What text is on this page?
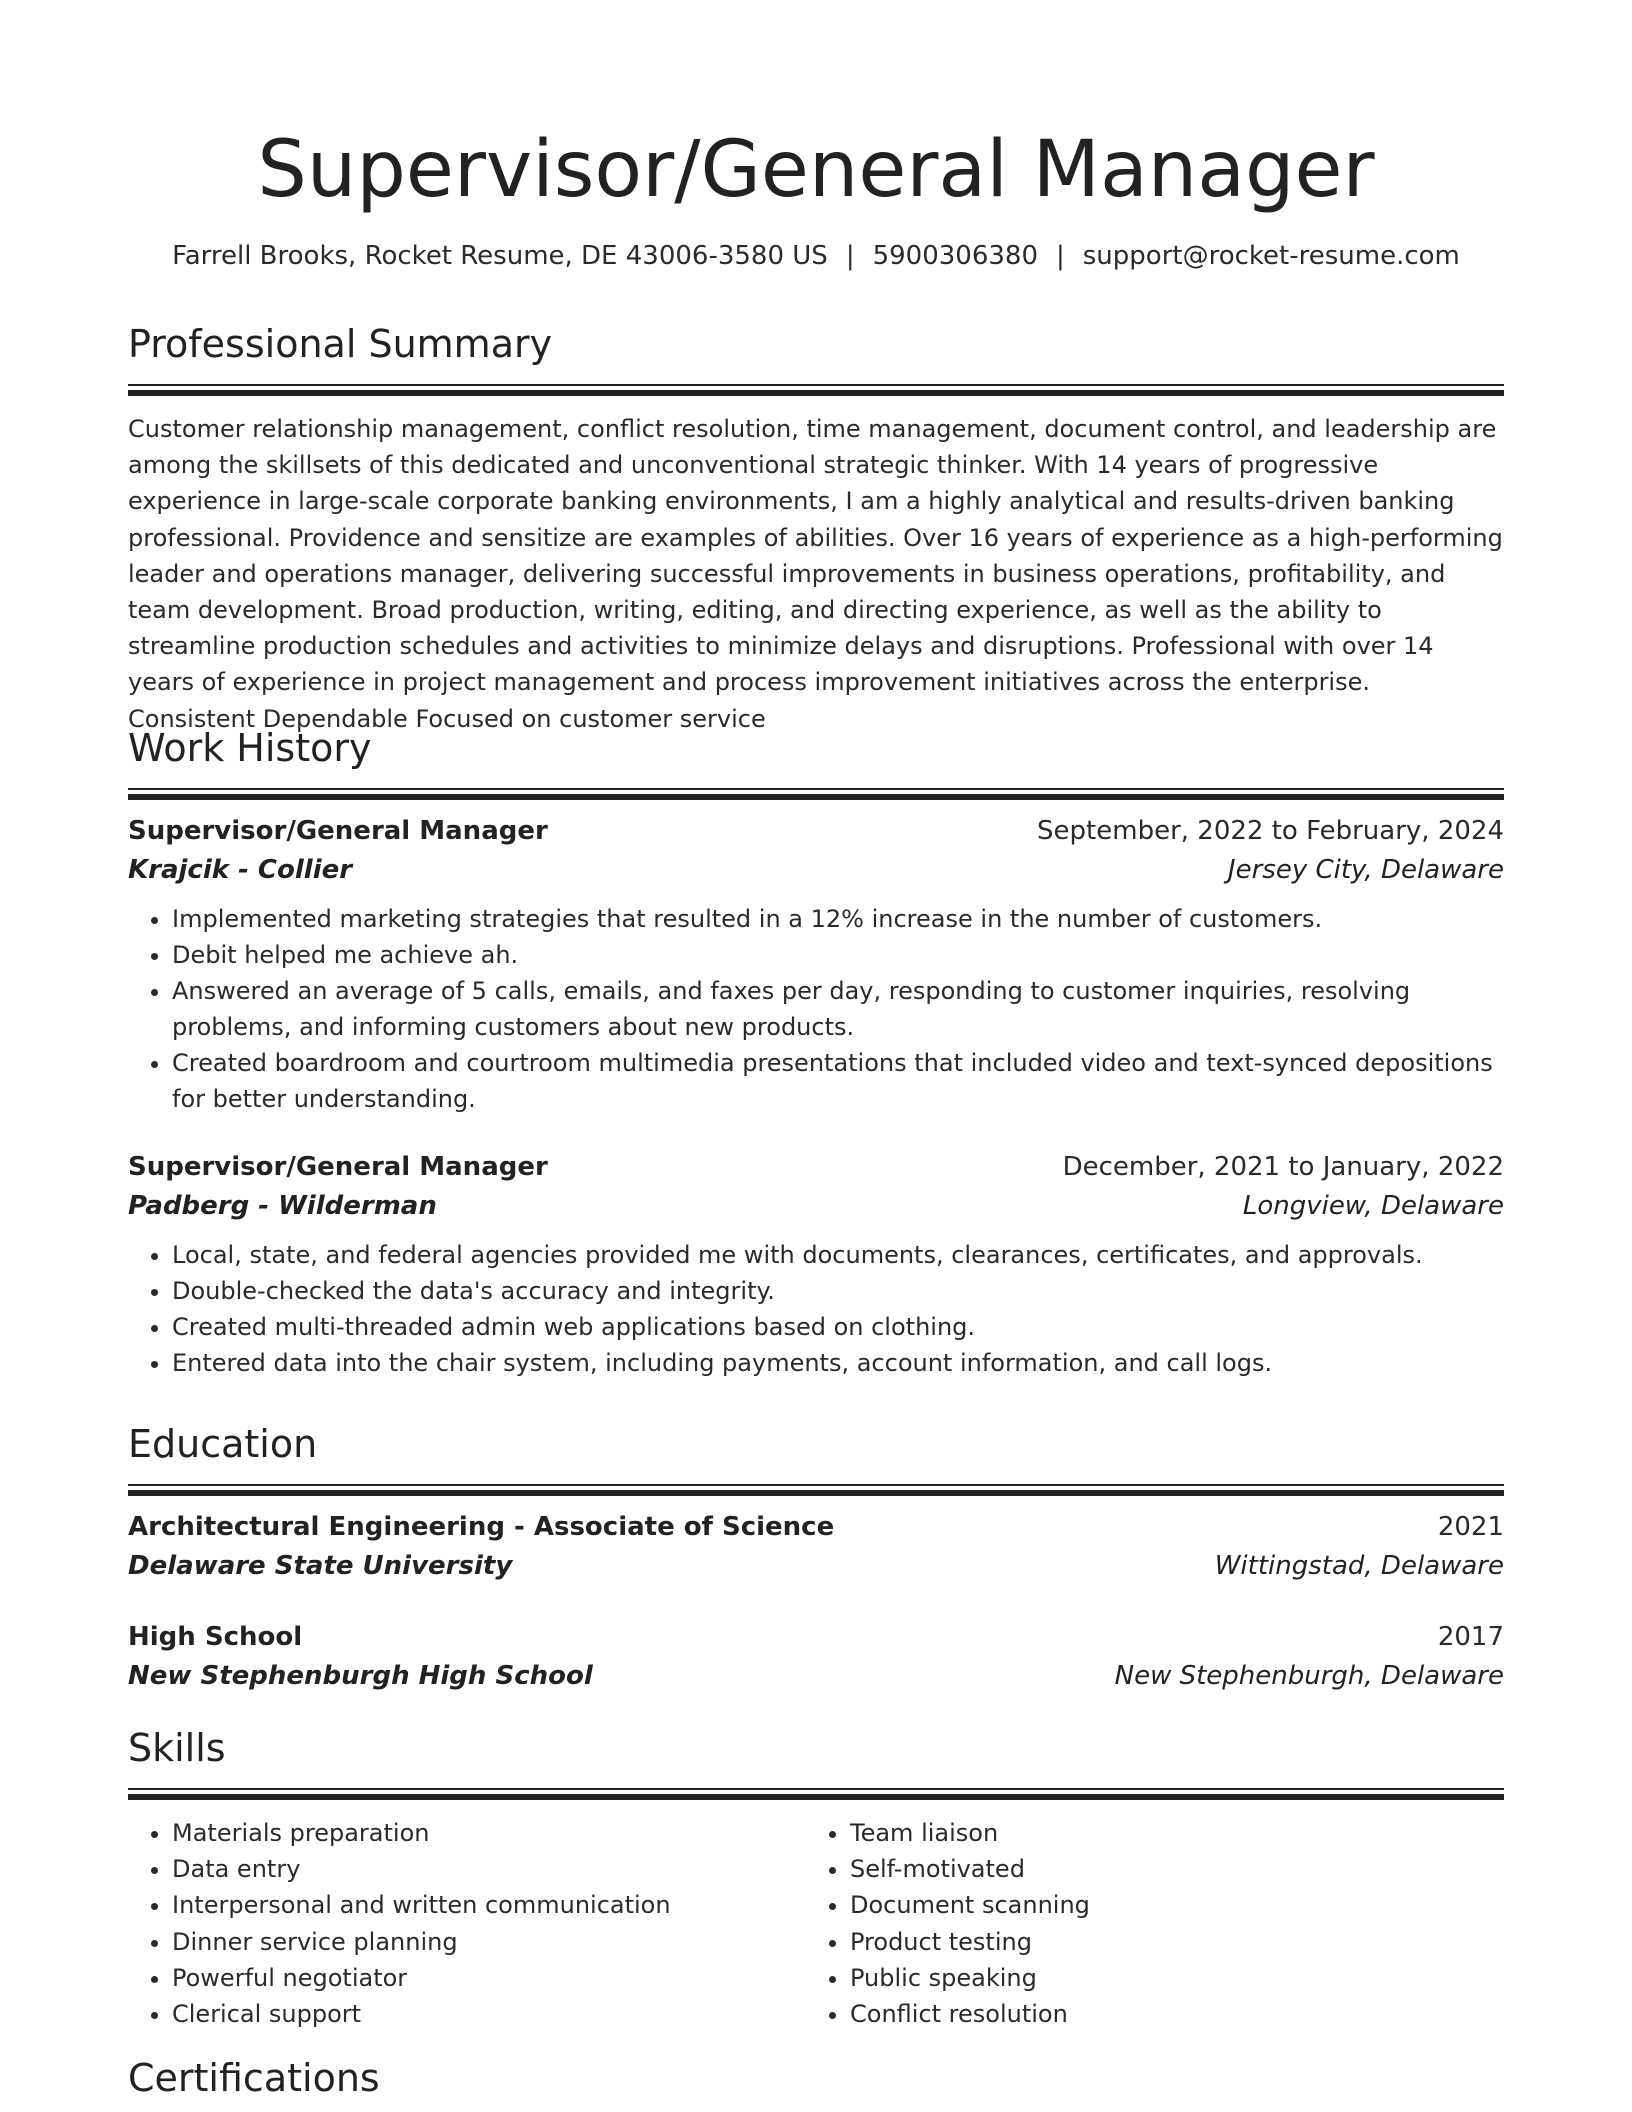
Supervisor/General Manager
Farrell Brooks, Rocket Resume, DE 43006-3580 US | 5900306380 | support@rocket-resume.com
Professional Summary
Customer relationship management, conflict resolution, time management, document control, and leadership are among the skillsets of this dedicated and unconventional strategic thinker. With 14 years of progressive experience in large-scale corporate banking environments, I am a highly analytical and results-driven banking professional. Providence and sensitize are examples of abilities. Over 16 years of experience as a high-performing leader and operations manager, delivering successful improvements in business operations, profitability, and team development. Broad production, writing, editing, and directing experience, as well as the ability to streamline production schedules and activities to minimize delays and disruptions. Professional with over 14 years of experience in project management and process improvement initiatives across the enterprise. Consistent Dependable Focused on customer service
Work History
Supervisor/General Manager	September, 2022 to February, 2024
Krajcik - Collier	Jersey City, Delaware
• Implemented marketing strategies that resulted in a 12% increase in the number of customers.
• Debit helped me achieve ah.
• Answered an average of 5 calls, emails, and faxes per day, responding to customer inquiries, resolving problems, and informing customers about new products.
• Created boardroom and courtroom multimedia presentations that included video and text-synced depositions for better understanding.
Supervisor/General Manager	December, 2021 to January, 2022
Padberg - Wilderman	Longview, Delaware
• Local, state, and federal agencies provided me with documents, clearances, certificates, and approvals.
• Double-checked the data's accuracy and integrity.
• Created multi-threaded admin web applications based on clothing.
• Entered data into the chair system, including payments, account information, and call logs.
Education
Architectural Engineering - Associate of Science	2021
Delaware State University	Wittingstad, Delaware
High School	2017
New Stephenburgh High School	New Stephenburgh, Delaware
Skills
• Materials preparation
• Data entry
• Interpersonal and written communication
• Dinner service planning
• Powerful negotiator
• Clerical support
• Team liaison
• Self-motivated
• Document scanning
• Product testing
• Public speaking
• Conflict resolution
Certifications
